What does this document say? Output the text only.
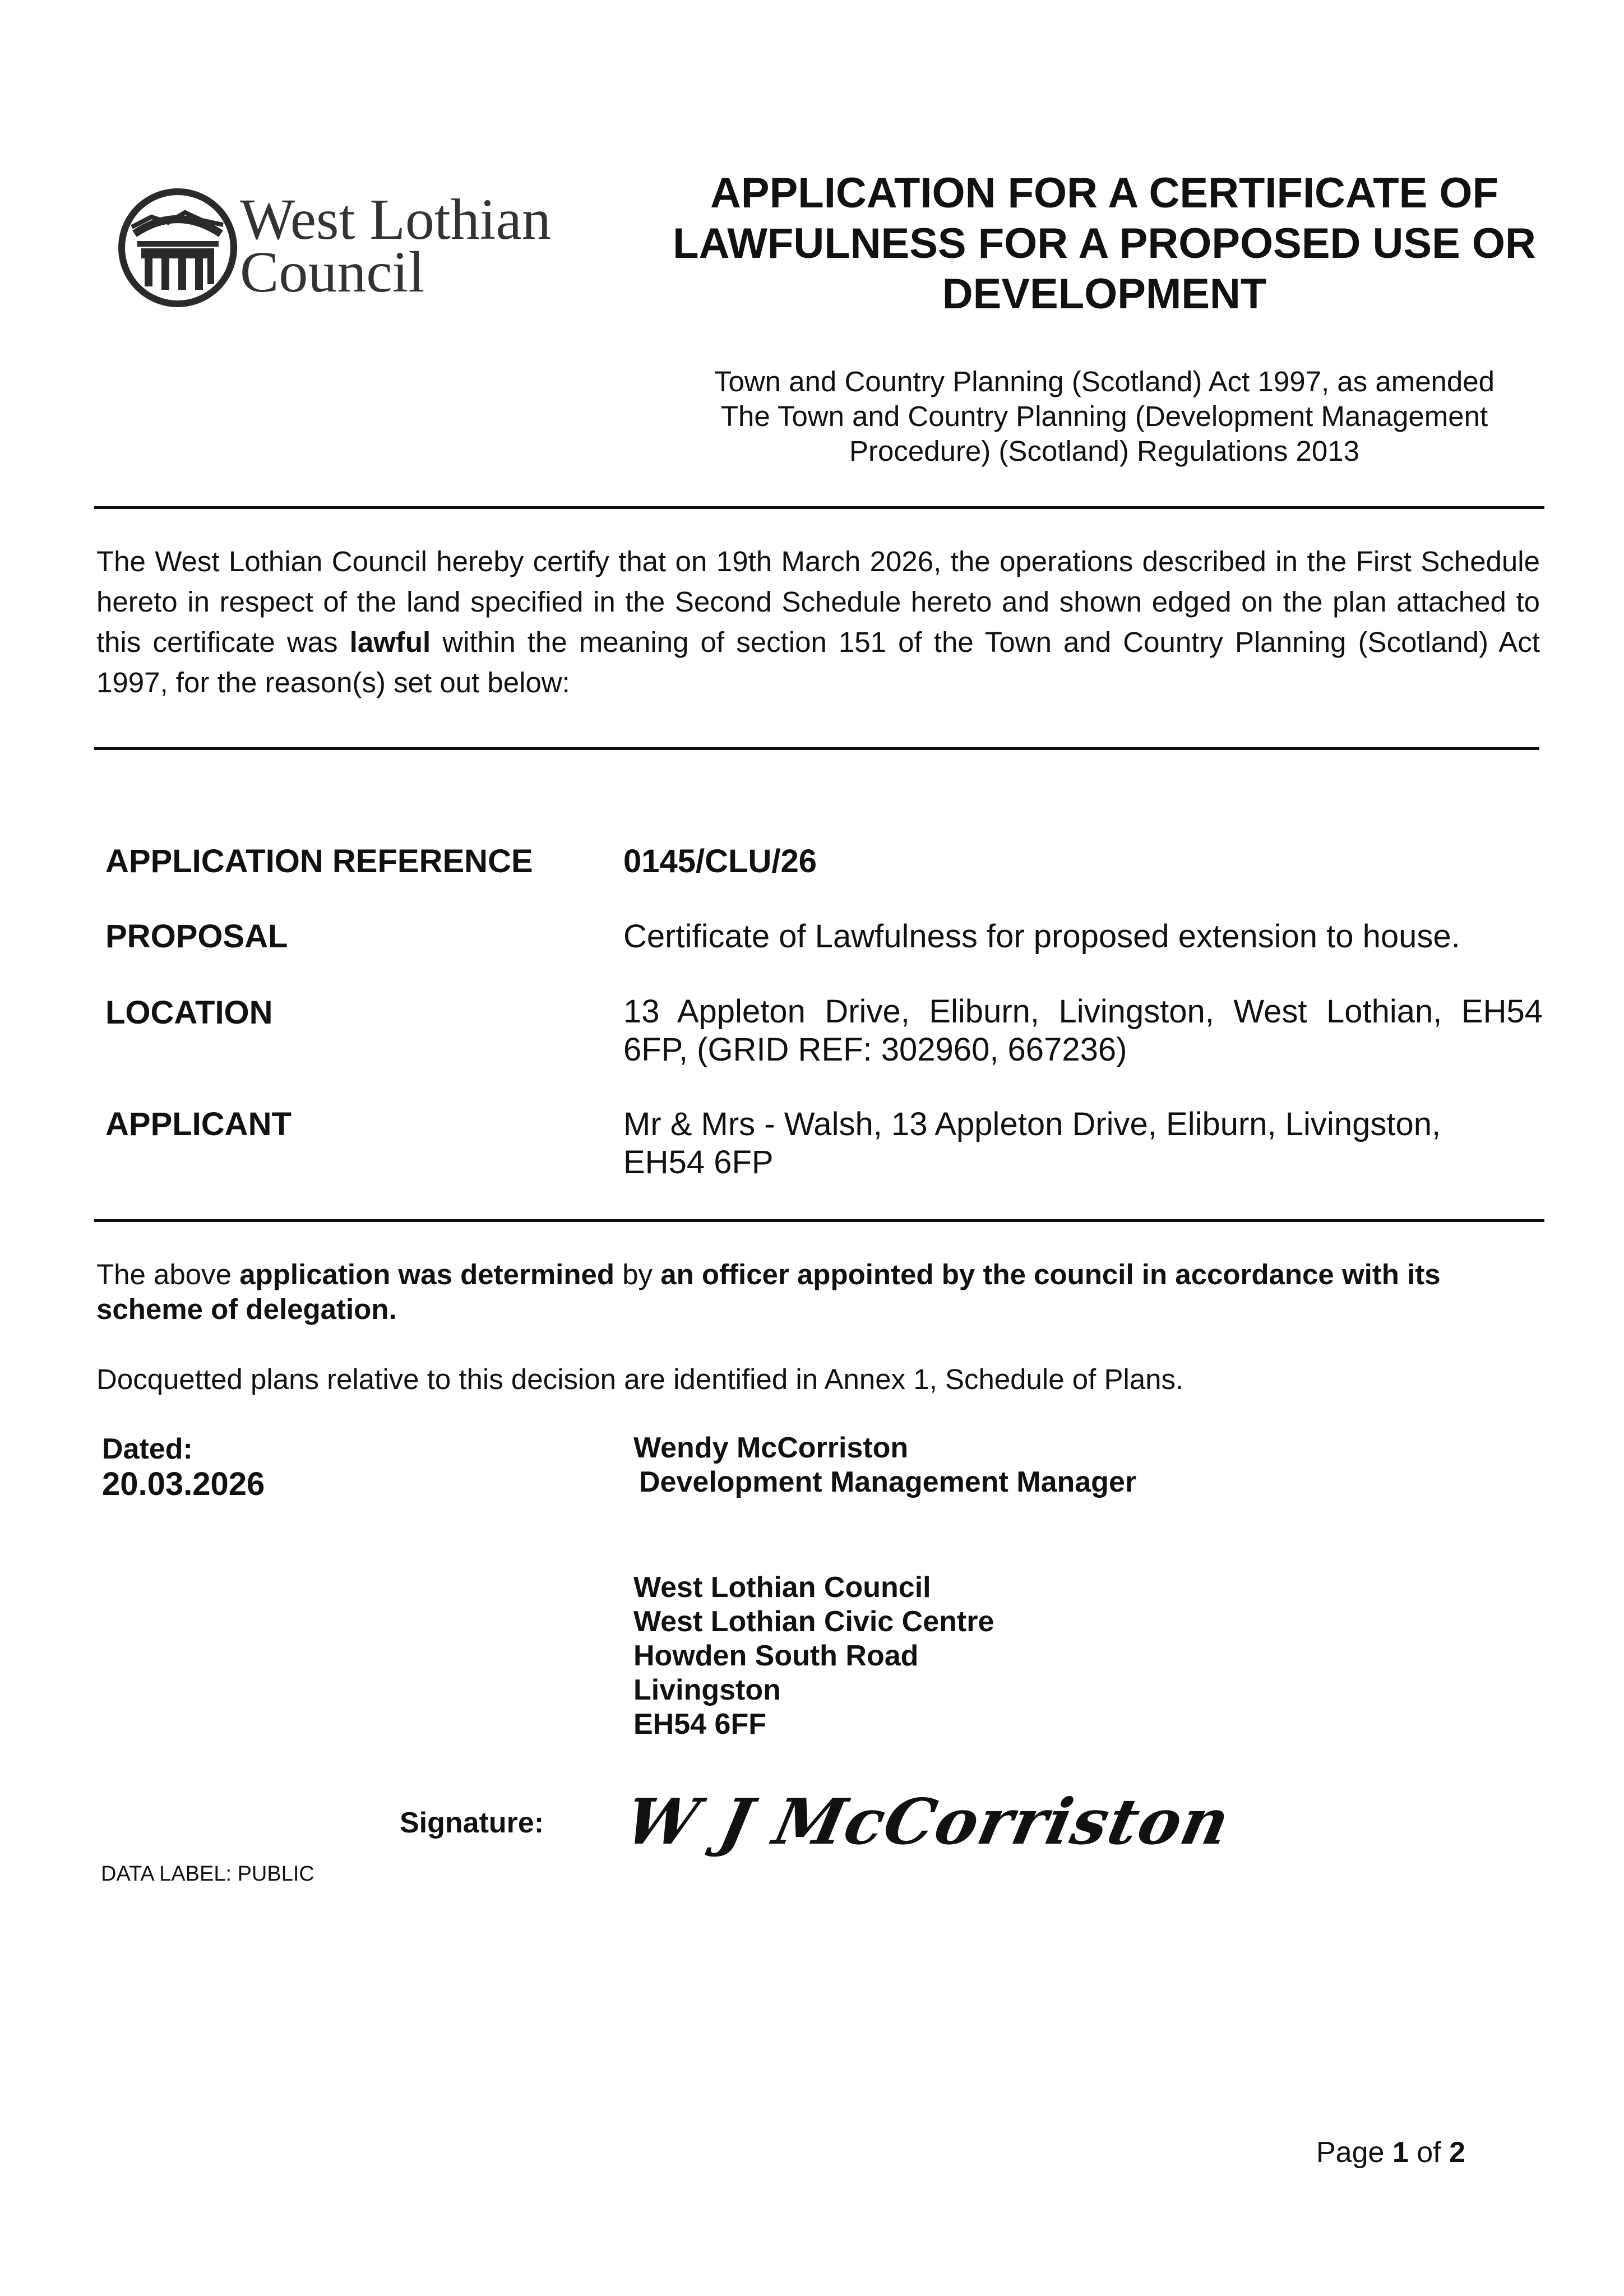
West Lothian
Council
APPLICATION FOR A CERTIFICATE OF
LAWFULNESS FOR A PROPOSED USE OR
DEVELOPMENT
Town and Country Planning (Scotland) Act 1997, as amended
The Town and Country Planning (Development Management
Procedure) (Scotland) Regulations 2013
The West Lothian Council hereby certify that on 19th March 2026, the operations described in the First Schedule hereto in respect of the land specified in the Second Schedule hereto and shown edged on the plan attached to this certificate was lawful within the meaning of section 151 of the Town and Country Planning (Scotland) Act 1997, for the reason(s) set out below:
APPLICATION REFERENCE	0145/CLU/26
PROPOSAL	Certificate of Lawfulness for proposed extension to house.
LOCATION	13 Appleton Drive, Eliburn, Livingston, West Lothian, EH54
6FP, (GRID REF: 302960, 667236)
APPLICANT	Mr & Mrs - Walsh, 13 Appleton Drive, Eliburn, Livingston,
EH54 6FP
The above application was determined by an officer appointed by the council in accordance with its
scheme of delegation.
Docquetted plans relative to this decision are identified in Annex 1, Schedule of Plans.
Dated:
20.03.2026
Wendy McCorriston
Development Management Manager
West Lothian Council
West Lothian Civic Centre
Howden South Road
Livingston
EH54 6FF
Signature: W J McCorriston
DATA LABEL: PUBLIC
Page 1 of 2
